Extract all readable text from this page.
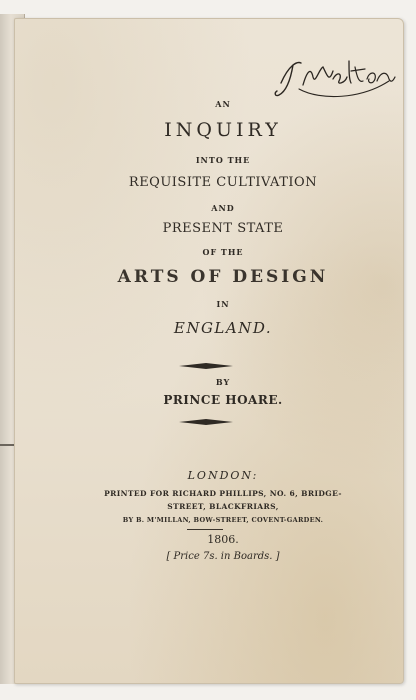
AN
INQUIRY
INTO THE
REQUISITE CULTIVATION
AND
PRESENT STATE
OF THE
ARTS OF DESIGN
IN
ENGLAND.
BY
PRINCE HOARE.
LONDON:
PRINTED FOR RICHARD PHILLIPS, NO. 6, BRIDGE-
STREET, BLACKFRIARS,
BY B. M'MILLAN, BOW-STREET, COVENT-GARDEN.
1806.
[ Price 7s. in Boards. ]
